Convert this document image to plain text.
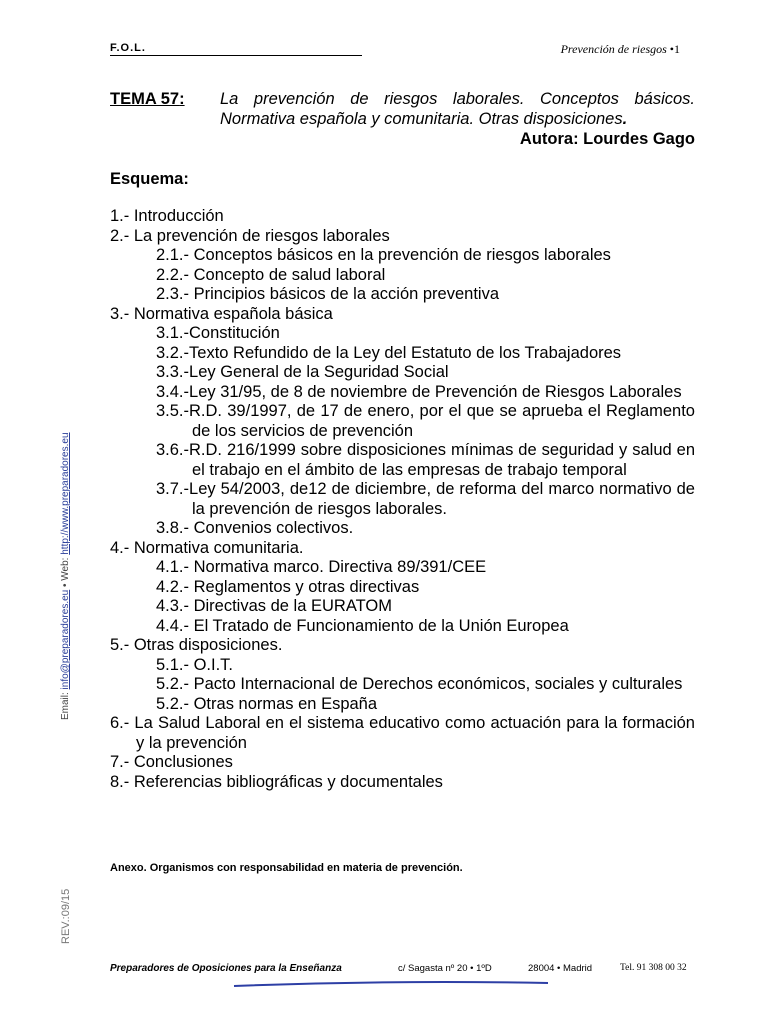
F.O.L.	Prevención de riesgos •1
Email: info@preparadores.eu • Web: http://www.preparadores.eu
REV.:09/15
TEMA 57: La prevención de riesgos laborales. Conceptos básicos.
Normativa española y comunitaria. Otras disposiciones.
Autora: Lourdes Gago
Esquema:
1.- Introducción
2.- La prevención de riesgos laborales
2.1.- Conceptos básicos en la prevención de riesgos laborales
2.2.- Concepto de salud laboral
2.3.- Principios básicos de la acción preventiva
3.- Normativa española básica
3.1.-Constitución
3.2.-Texto Refundido de la Ley del Estatuto de los Trabajadores
3.3.-Ley General de la Seguridad Social
3.4.-Ley 31/95, de 8 de noviembre de Prevención de Riesgos Laborales
3.5.-R.D. 39/1997, de 17 de enero, por el que se aprueba el Reglamento de los servicios de prevención
3.6.-R.D. 216/1999 sobre disposiciones mínimas de seguridad y salud en el trabajo en el ámbito de las empresas de trabajo temporal
3.7.-Ley 54/2003, de12 de diciembre, de reforma del marco normativo de la prevención de riesgos laborales.
3.8.- Convenios colectivos.
4.- Normativa comunitaria.
4.1.- Normativa marco. Directiva 89/391/CEE
4.2.- Reglamentos y otras directivas
4.3.- Directivas de la EURATOM
4.4.- El Tratado de Funcionamiento de la Unión Europea
5.- Otras disposiciones.
5.1.- O.I.T.
5.2.- Pacto Internacional de Derechos económicos, sociales y culturales
5.2.- Otras normas en España
6.- La Salud Laboral en el sistema educativo como actuación para la formación y la prevención
7.- Conclusiones
8.- Referencias bibliográficas y documentales
Anexo. Organismos con responsabilidad en materia de prevención.
Preparadores de Oposiciones para la Enseñanza	c/ Sagasta nº 20 • 1ºD	28004 • Madrid	Tel. 91 308 00 32
